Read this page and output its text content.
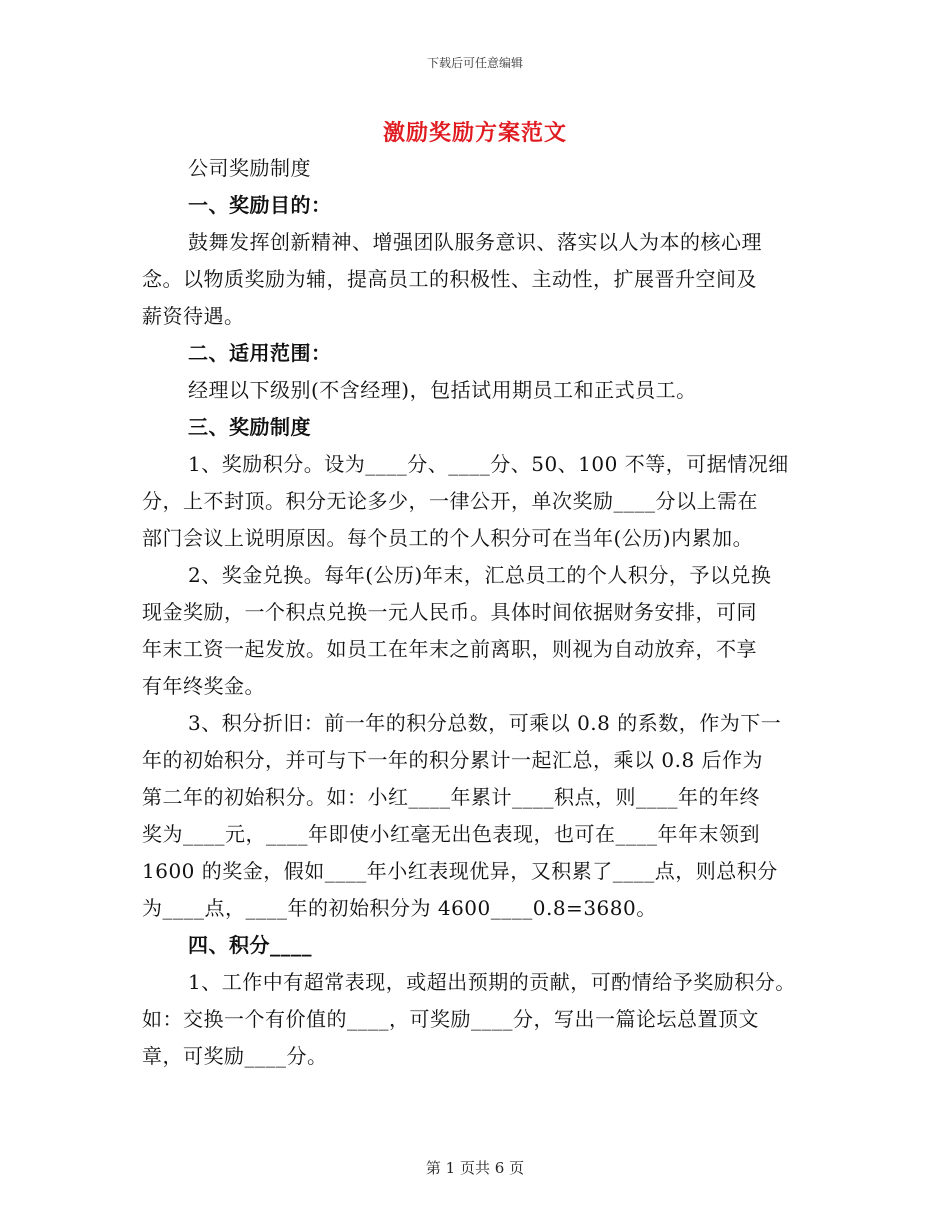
下载后可任意编辑
激励奖励方案范文

公司奖励制度

一、奖励目的：

鼓舞发挥创新精神、增强团队服务意识、落实以人为本的核心理

念。以物质奖励为辅，提高员工的积极性、主动性，扩展晋升空间及

薪资待遇。

二、适用范围：

经理以下级别(不含经理)，包括试用期员工和正式员工。

三、奖励制度

1、奖励积分。设为____分、____分、50、100 不等，可据情况细

分，上不封顶。积分无论多少，一律公开，单次奖励____分以上需在

部门会议上说明原因。每个员工的个人积分可在当年(公历)内累加。

2、奖金兑换。每年(公历)年末，汇总员工的个人积分，予以兑换

现金奖励，一个积点兑换一元人民币。具体时间依据财务安排，可同

年末工资一起发放。如员工在年末之前离职，则视为自动放弃，不享

有年终奖金。

3、积分折旧：前一年的积分总数，可乘以 0.8 的系数，作为下一

年的初始积分，并可与下一年的积分累计一起汇总，乘以 0.8 后作为

第二年的初始积分。如：小红____年累计____积点，则____年的年终

奖为____元，____年即使小红毫无出色表现，也可在____年年末领到

1600 的奖金，假如____年小红表现优异，又积累了____点，则总积分

为____点，____年的初始积分为 4600____0.8=3680。

四、积分____

1、工作中有超常表现，或超出预期的贡献，可酌情给予奖励积分。

如：交换一个有价值的____，可奖励____分，写出一篇论坛总置顶文

章，可奖励____分。

第 1 页共 6 页
